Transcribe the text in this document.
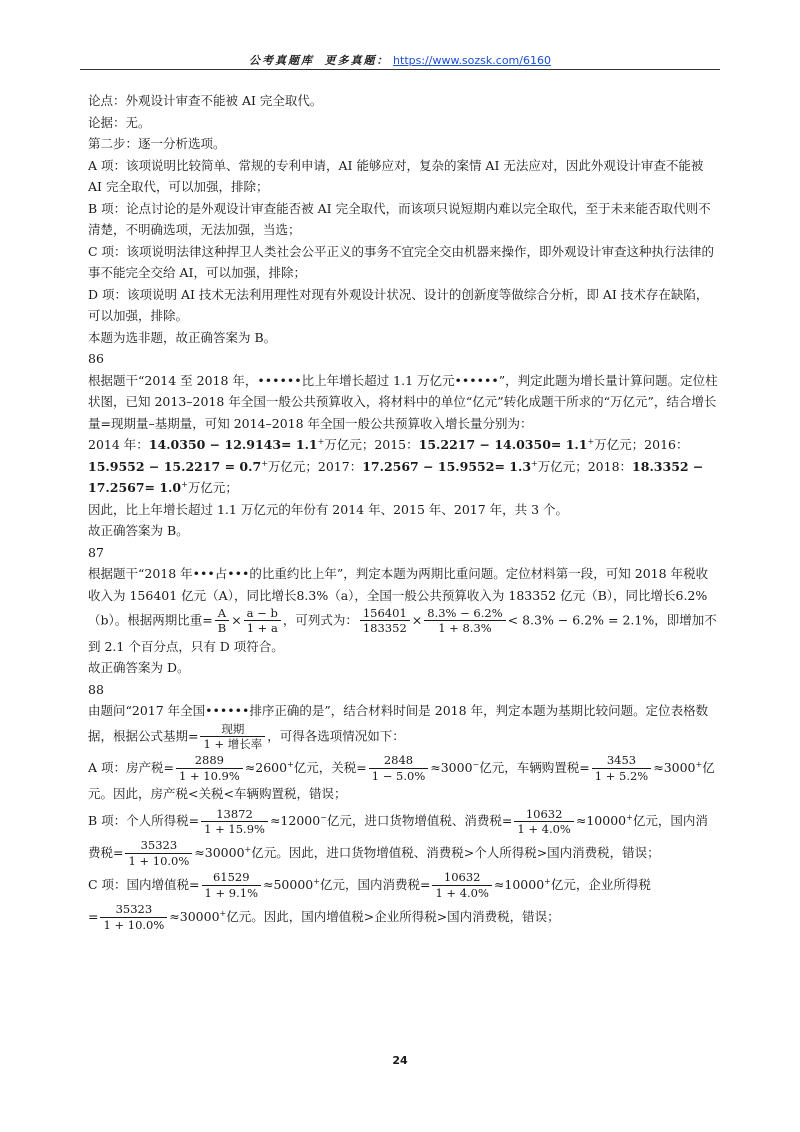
公考真题库 更多真题： https://www.sozsk.com/6160

论点：外观设计审查不能被 AI 完全取代。

论据：无。

第二步：逐一分析选项。

A 项：该项说明比较简单、常规的专利申请，AI 能够应对，复杂的案情 AI 无法应对，因此外观设计审查不能被 AI 完全取代，可以加强，排除；

B 项：论点讨论的是外观设计审查能否被 AI 完全取代，而该项只说短期内难以完全取代，至于未来能否取代则不清楚，不明确选项，无法加强，当选；

C 项：该项说明法律这种捍卫人类社会公平正义的事务不宜完全交由机器来操作，即外观设计审查这种执行法律的事不能完全交给 AI，可以加强，排除；

D 项：该项说明 AI 技术无法利用理性对现有外观设计状况、设计的创新度等做综合分析，即 AI 技术存在缺陷，可以加强，排除。

本题为选非题，故正确答案为 B。

86

根据题干“2014 至 2018 年，••••••比上年增长超过 1.1 万亿元••••••”，判定此题为增长量计算问题。定位柱状图，已知 2013–2018 年全国一般公共预算收入，将材料中的单位“亿元”转化成题干所求的“万亿元”，结合增长量=现期量–基期量，可知 2014–2018 年全国一般公共预算收入增长量分别为：

2014 年：14.0350 − 12.9143= 1.1+万亿元；2015：15.2217 − 14.0350= 1.1+万亿元；2016：15.9552 − 15.2217 = 0.7+万亿元；2017：17.2567 − 15.9552= 1.3+万亿元；2018：18.3352 − 17.2567= 1.0+万亿元；

因此，比上年增长超过 1.1 万亿元的年份有 2014 年、2015 年、2017 年，共 3 个。

故正确答案为 B。

87

根据题干“2018 年•••占•••的比重约比上年”，判定本题为两期比重问题。定位材料第一段，可知 2018 年税收收入为 156401 亿元（A），同比增长8.3%（a），全国一般公共预算收入为 183352 亿元（B），同比增长6.2%（b）。根据两期比重= $\frac{A}{B} \times \frac{a - b}{1 + a}$ ，可列式为： $\frac{156401}{183352} \times \frac{8.3\% - 6.2\%}{1 + 8.3\%} < 8.3\% - 6.2\% = 2.1\%$，即增加不到 2.1 个百分点，只有 D 项符合。

故正确答案为 D。

88

由题问“2017 年全国••••••排序正确的是”，结合材料时间是 2018 年，判定本题为基期比较问题。定位表格数据，根据公式基期= $\frac{\text{现期}}{\text{1 + 增长率}}$ ，可得各选项情况如下：

A 项：房产税= $\frac{2889}{1 + 10.9\%} \approx 2600^+$亿元，关税= $\frac{2848}{1 - 5.0\%} \approx 3000^-$亿元，车辆购置税= $\frac{3453}{1 + 5.2\%} \approx 3000^+$亿

元。因此，房产税<关税<车辆购置税，错误；

B 项：个人所得税= $\frac{13872}{1 + 15.9\%} \approx 12000^-$亿元，进口货物增值税、消费税= $\frac{10632}{1 + 4.0\%} \approx 10000^+$亿元，国内消

费税= $\frac{35323}{1 + 10.0\%} \approx 30000^+$亿元。因此，进口货物增值税、消费税>个人所得税>国内消费税，错误；

C 项：国内增值税= $\frac{61529}{1 + 9.1\%} \approx 50000^+$亿元，国内消费税= $\frac{10632}{1 + 4.0\%} \approx 10000^+$亿元，企业所得税

= $\frac{35323}{1 + 10.0\%} \approx 30000^+$亿元。因此，国内增值税>企业所得税>国内消费税，错误；

24
